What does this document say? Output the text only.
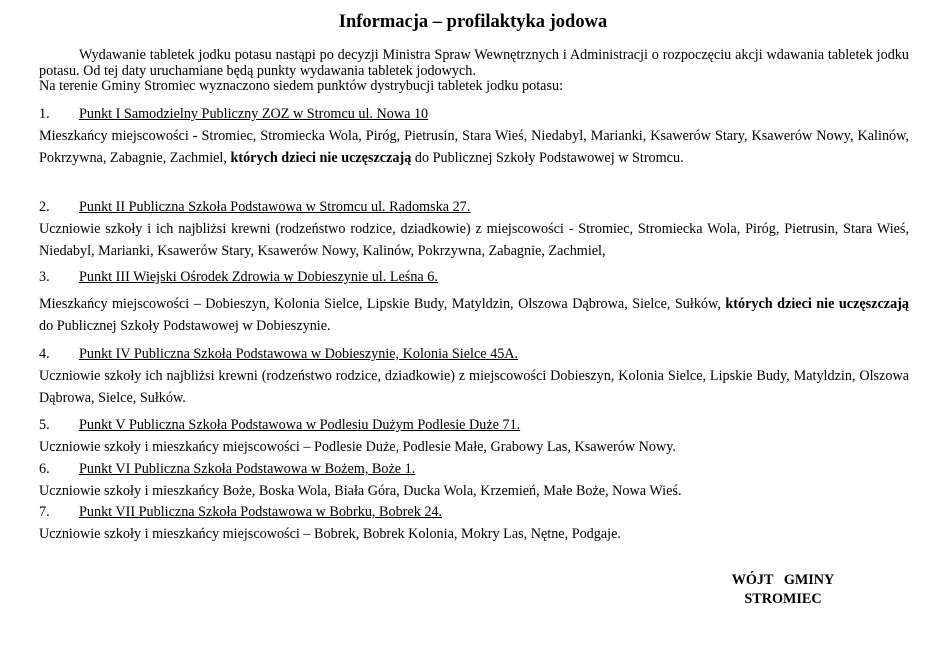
Informacja – profilaktyka jodowa

Wydawanie tabletek jodku potasu nastąpi po decyzji Ministra Spraw Wewnętrznych i Administracji o rozpoczęciu akcji wdawania tabletek jodku potasu. Od tej daty uruchamiane będą punkty wydawania tabletek jodowych.

Na terenie Gminy Stromiec wyznaczono siedem punktów dystrybucji tabletek jodku potasu:

1. Punkt I Samodzielny Publiczny ZOZ w Stromcu ul. Nowa 10

Mieszkańcy miejscowości - Stromiec, Stromiecka Wola, Piróg, Pietrusin, Stara Wieś, Niedabyl, Marianki, Ksawerów Stary, Ksawerów Nowy, Kalinów, Pokrzywna, Zabagnie, Zachmiel, których dzieci nie uczęszczają do Publicznej Szkoły Podstawowej w Stromcu.

2. Punkt II Publiczna Szkoła Podstawowa w Stromcu ul. Radomska 27.

Uczniowie szkoły i ich najbliżsi krewni (rodzeństwo rodzice, dziadkowie) z miejscowości - Stromiec, Stromiecka Wola, Piróg, Pietrusin, Stara Wieś, Niedabyl, Marianki, Ksawerów Stary, Ksawerów Nowy, Kalinów, Pokrzywna, Zabagnie, Zachmiel,

3. Punkt III Wiejski Ośrodek Zdrowia w Dobieszynie ul. Leśna 6.

Mieszkańcy miejscowości – Dobieszyn, Kolonia Sielce, Lipskie Budy, Matyldzin, Olszowa Dąbrowa, Sielce, Sułków, których dzieci nie uczęszczają do Publicznej Szkoły Podstawowej w Dobieszynie.

4. Punkt IV Publiczna Szkoła Podstawowa w Dobieszynie, Kolonia Sielce 45A.

Uczniowie szkoły ich najbliżsi krewni (rodzeństwo rodzice, dziadkowie) z miejscowości Dobieszyn, Kolonia Sielce, Lipskie Budy, Matyldzin, Olszowa Dąbrowa, Sielce, Sułków.

5. Punkt V Publiczna Szkoła Podstawowa w Podlesiu Dużym Podlesie Duże 71.

Uczniowie szkoły i mieszkańcy miejscowości – Podlesie Duże, Podlesie Małe, Grabowy Las, Ksawerów Nowy.

6. Punkt VI Publiczna Szkoła Podstawowa w Bożem, Boże 1.

Uczniowie szkoły i mieszkańcy Boże, Boska Wola, Biała Góra, Ducka Wola, Krzemień, Małe Boże, Nowa Wieś.

7. Punkt VII Publiczna Szkoła Podstawowa w Bobrku, Bobrek 24.

Uczniowie szkoły i mieszkańcy miejscowości – Bobrek, Bobrek Kolonia, Mokry Las, Nętne, Podgaje.

WÓJT   GMINY
STROMIEC
